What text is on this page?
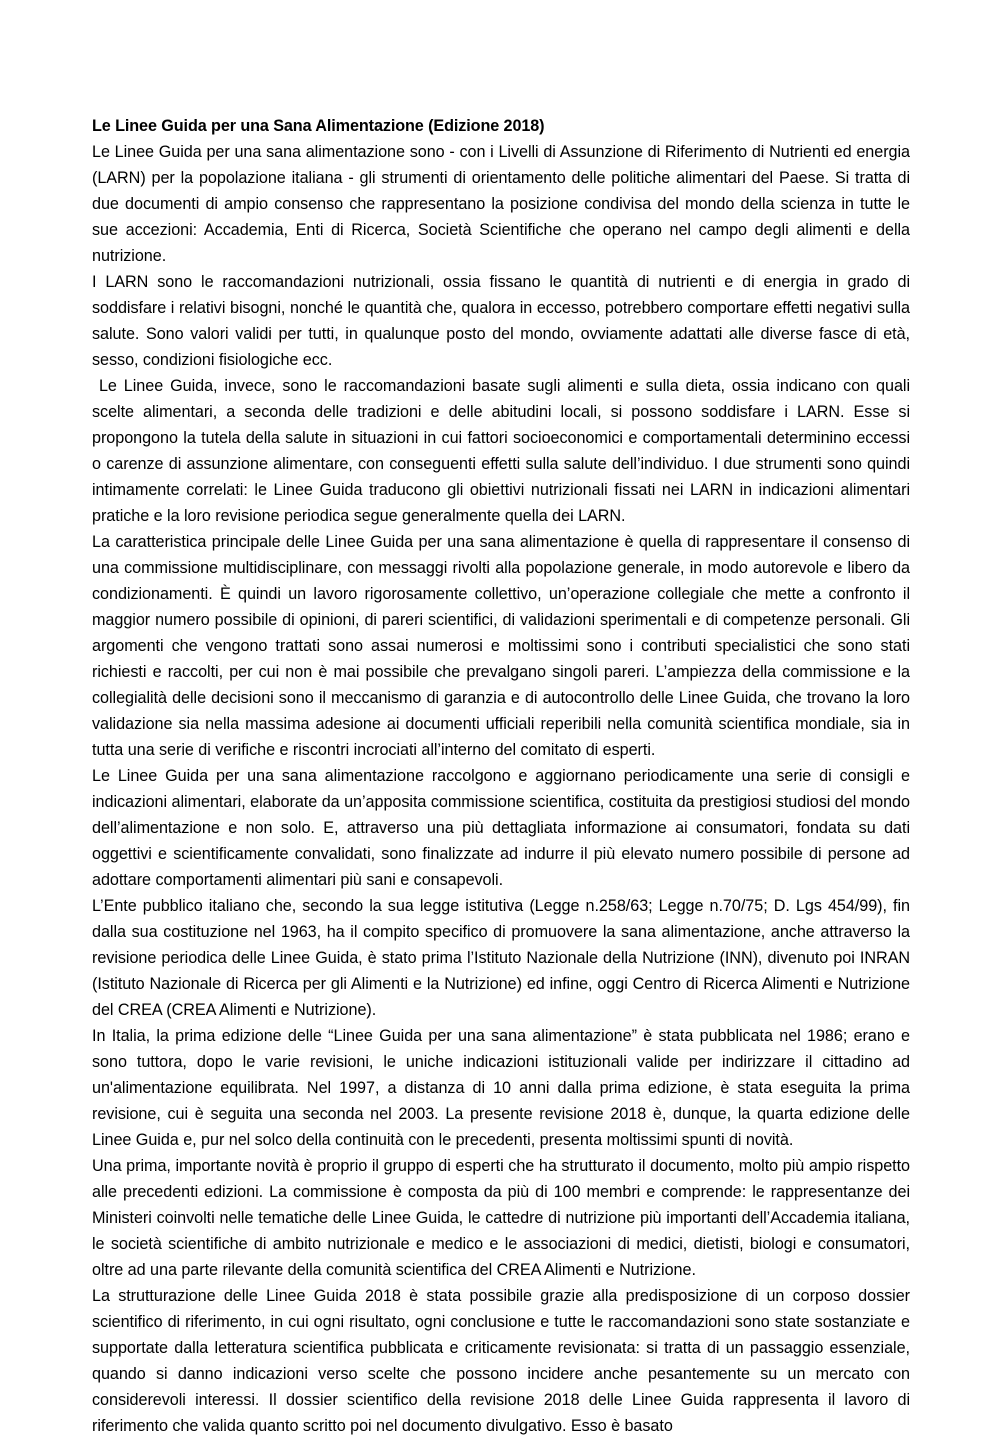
Le Linee Guida per una Sana Alimentazione (Edizione 2018)

Le Linee Guida per una sana alimentazione sono - con i Livelli di Assunzione di Riferimento di Nutrienti ed energia (LARN) per la popolazione italiana - gli strumenti di orientamento delle politiche alimentari del Paese. Si tratta di due documenti di ampio consenso che rappresentano la posizione condivisa del mondo della scienza in tutte le sue accezioni: Accademia, Enti di Ricerca, Società Scientifiche che operano nel campo degli alimenti e della nutrizione.

I LARN sono le raccomandazioni nutrizionali, ossia fissano le quantità di nutrienti e di energia in grado di soddisfare i relativi bisogni, nonché le quantità che, qualora in eccesso, potrebbero comportare effetti negativi sulla salute. Sono valori validi per tutti, in qualunque posto del mondo, ovviamente adattati alle diverse fasce di età, sesso, condizioni fisiologiche ecc.

Le Linee Guida, invece, sono le raccomandazioni basate sugli alimenti e sulla dieta, ossia indicano con quali scelte alimentari, a seconda delle tradizioni e delle abitudini locali, si possono soddisfare i LARN. Esse si propongono la tutela della salute in situazioni in cui fattori socioeconomici e comportamentali determinino eccessi o carenze di assunzione alimentare, con conseguenti effetti sulla salute dell’individuo. I due strumenti sono quindi intimamente correlati: le Linee Guida traducono gli obiettivi nutrizionali fissati nei LARN in indicazioni alimentari pratiche e la loro revisione periodica segue generalmente quella dei LARN.

La caratteristica principale delle Linee Guida per una sana alimentazione è quella di rappresentare il consenso di una commissione multidisciplinare, con messaggi rivolti alla popolazione generale, in modo autorevole e libero da condizionamenti. È quindi un lavoro rigorosamente collettivo, un’operazione collegiale che mette a confronto il maggior numero possibile di opinioni, di pareri scientifici, di validazioni sperimentali e di competenze personali. Gli argomenti che vengono trattati sono assai numerosi e moltissimi sono i contributi specialistici che sono stati richiesti e raccolti, per cui non è mai possibile che prevalgano singoli pareri. L’ampiezza della commissione e la collegialità delle decisioni sono il meccanismo di garanzia e di autocontrollo delle Linee Guida, che trovano la loro validazione sia nella massima adesione ai documenti ufficiali reperibili nella comunità scientifica mondiale, sia in tutta una serie di verifiche e riscontri incrociati all’interno del comitato di esperti.

Le Linee Guida per una sana alimentazione raccolgono e aggiornano periodicamente una serie di consigli e indicazioni alimentari, elaborate da un’apposita commissione scientifica, costituita da prestigiosi studiosi del mondo dell’alimentazione e non solo. E, attraverso una più dettagliata informazione ai consumatori, fondata su dati oggettivi e scientificamente convalidati, sono finalizzate ad indurre il più elevato numero possibile di persone ad adottare comportamenti alimentari più sani e consapevoli.

L’Ente pubblico italiano che, secondo la sua legge istitutiva (Legge n.258/63; Legge n.70/75; D. Lgs 454/99), fin dalla sua costituzione nel 1963, ha il compito specifico di promuovere la sana alimentazione, anche attraverso la revisione periodica delle Linee Guida, è stato prima l’Istituto Nazionale della Nutrizione (INN), divenuto poi INRAN (Istituto Nazionale di Ricerca per gli Alimenti e la Nutrizione) ed infine, oggi Centro di Ricerca Alimenti e Nutrizione del CREA (CREA Alimenti e Nutrizione).

In Italia, la prima edizione delle “Linee Guida per una sana alimentazione” è stata pubblicata nel 1986; erano e sono tuttora, dopo le varie revisioni, le uniche indicazioni istituzionali valide per indirizzare il cittadino ad un'alimentazione equilibrata. Nel 1997, a distanza di 10 anni dalla prima edizione, è stata eseguita la prima revisione, cui è seguita una seconda nel 2003. La presente revisione 2018 è, dunque, la quarta edizione delle Linee Guida e, pur nel solco della continuità con le precedenti, presenta moltissimi spunti di novità.

Una prima, importante novità è proprio il gruppo di esperti che ha strutturato il documento, molto più ampio rispetto alle precedenti edizioni. La commissione è composta da più di 100 membri e comprende: le rappresentanze dei Ministeri coinvolti nelle tematiche delle Linee Guida, le cattedre di nutrizione più importanti dell’Accademia italiana, le società scientifiche di ambito nutrizionale e medico e le associazioni di medici, dietisti, biologi e consumatori, oltre ad una parte rilevante della comunità scientifica del CREA Alimenti e Nutrizione.

La strutturazione delle Linee Guida 2018 è stata possibile grazie alla predisposizione di un corposo dossier scientifico di riferimento, in cui ogni risultato, ogni conclusione e tutte le raccomandazioni sono state sostanziate e supportate dalla letteratura scientifica pubblicata e criticamente revisionata: si tratta di un passaggio essenziale, quando si danno indicazioni verso scelte che possono incidere anche pesantemente su un mercato con considerevoli interessi. Il dossier scientifico della revisione 2018 delle Linee Guida rappresenta il lavoro di riferimento che valida quanto scritto poi nel documento divulgativo. Esso è basato
